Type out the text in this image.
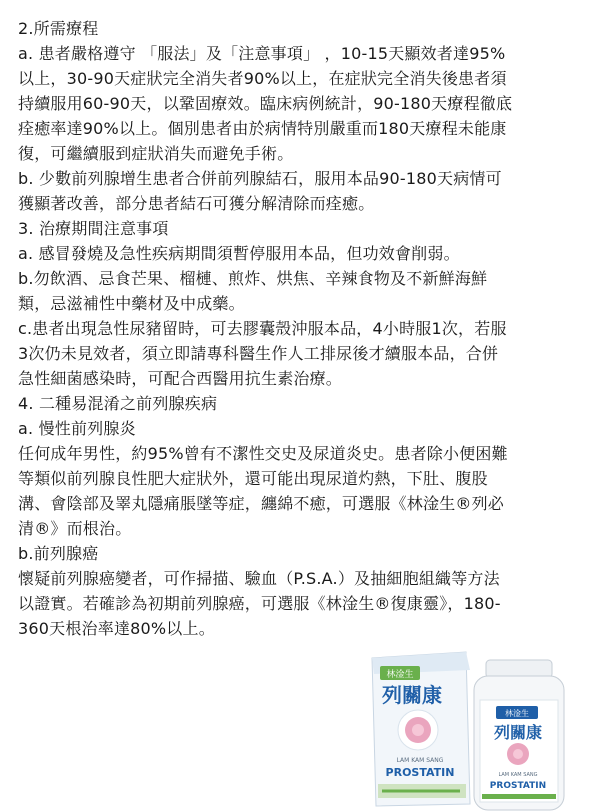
2.所需療程
a. 患者嚴格遵守 「服法」及「注意事項」 ，10-15天顯效者達95%
以上，30-90天症狀完全消失者90%以上，在症狀完全消失後患者須
持續服用60-90天，以鞏固療效。臨床病例統計，90-180天療程徹底
痊癒率達90%以上。個別患者由於病情特別嚴重而180天療程未能康
復，可繼續服到症狀消失而避免手術。
b. 少數前列腺增生患者合併前列腺結石，服用本品90-180天病情可
獲顯著改善，部分患者結石可獲分解清除而痊癒。
3. 治療期間注意事項
a. 感冒發燒及急性疾病期間須暫停服用本品，但功效會削弱。
b.勿飲酒、忌食芒果、榴槤、煎炸、烘焦、辛辣食物及不新鮮海鮮
類，忌滋補性中藥材及中成藥。
c.患者出現急性尿豬留時，可去膠囊殼沖服本品，4小時服1次，若服
3次仍未見效者，須立即請專科醫生作人工排尿後才續服本品，合併
急性細菌感染時，可配合西醫用抗生素治療。
4. 二種易混淆之前列腺疾病
a. 慢性前列腺炎
任何成年男性，約95%曾有不潔性交史及尿道炎史。患者除小便困難
等類似前列腺良性肥大症狀外，還可能出現尿道灼熱，下肚、腹股
溝、會陰部及睪丸隱痛脹墜等症，纏綿不癒，可選服《林淦生®列必
清®》而根治。
b.前列腺癌
懷疑前列腺癌變者，可作掃描、驗血（P.S.A.）及抽細胞組織等方法
以證實。若確診為初期前列腺癌，可選服《林淦生®復康靈》，180-
360天根治率達80%以上。
林淦生
列關康
LAM KAM SANG
PROSTATIN
林淦生
列關康
LAM KAM SANG
PROSTATIN
